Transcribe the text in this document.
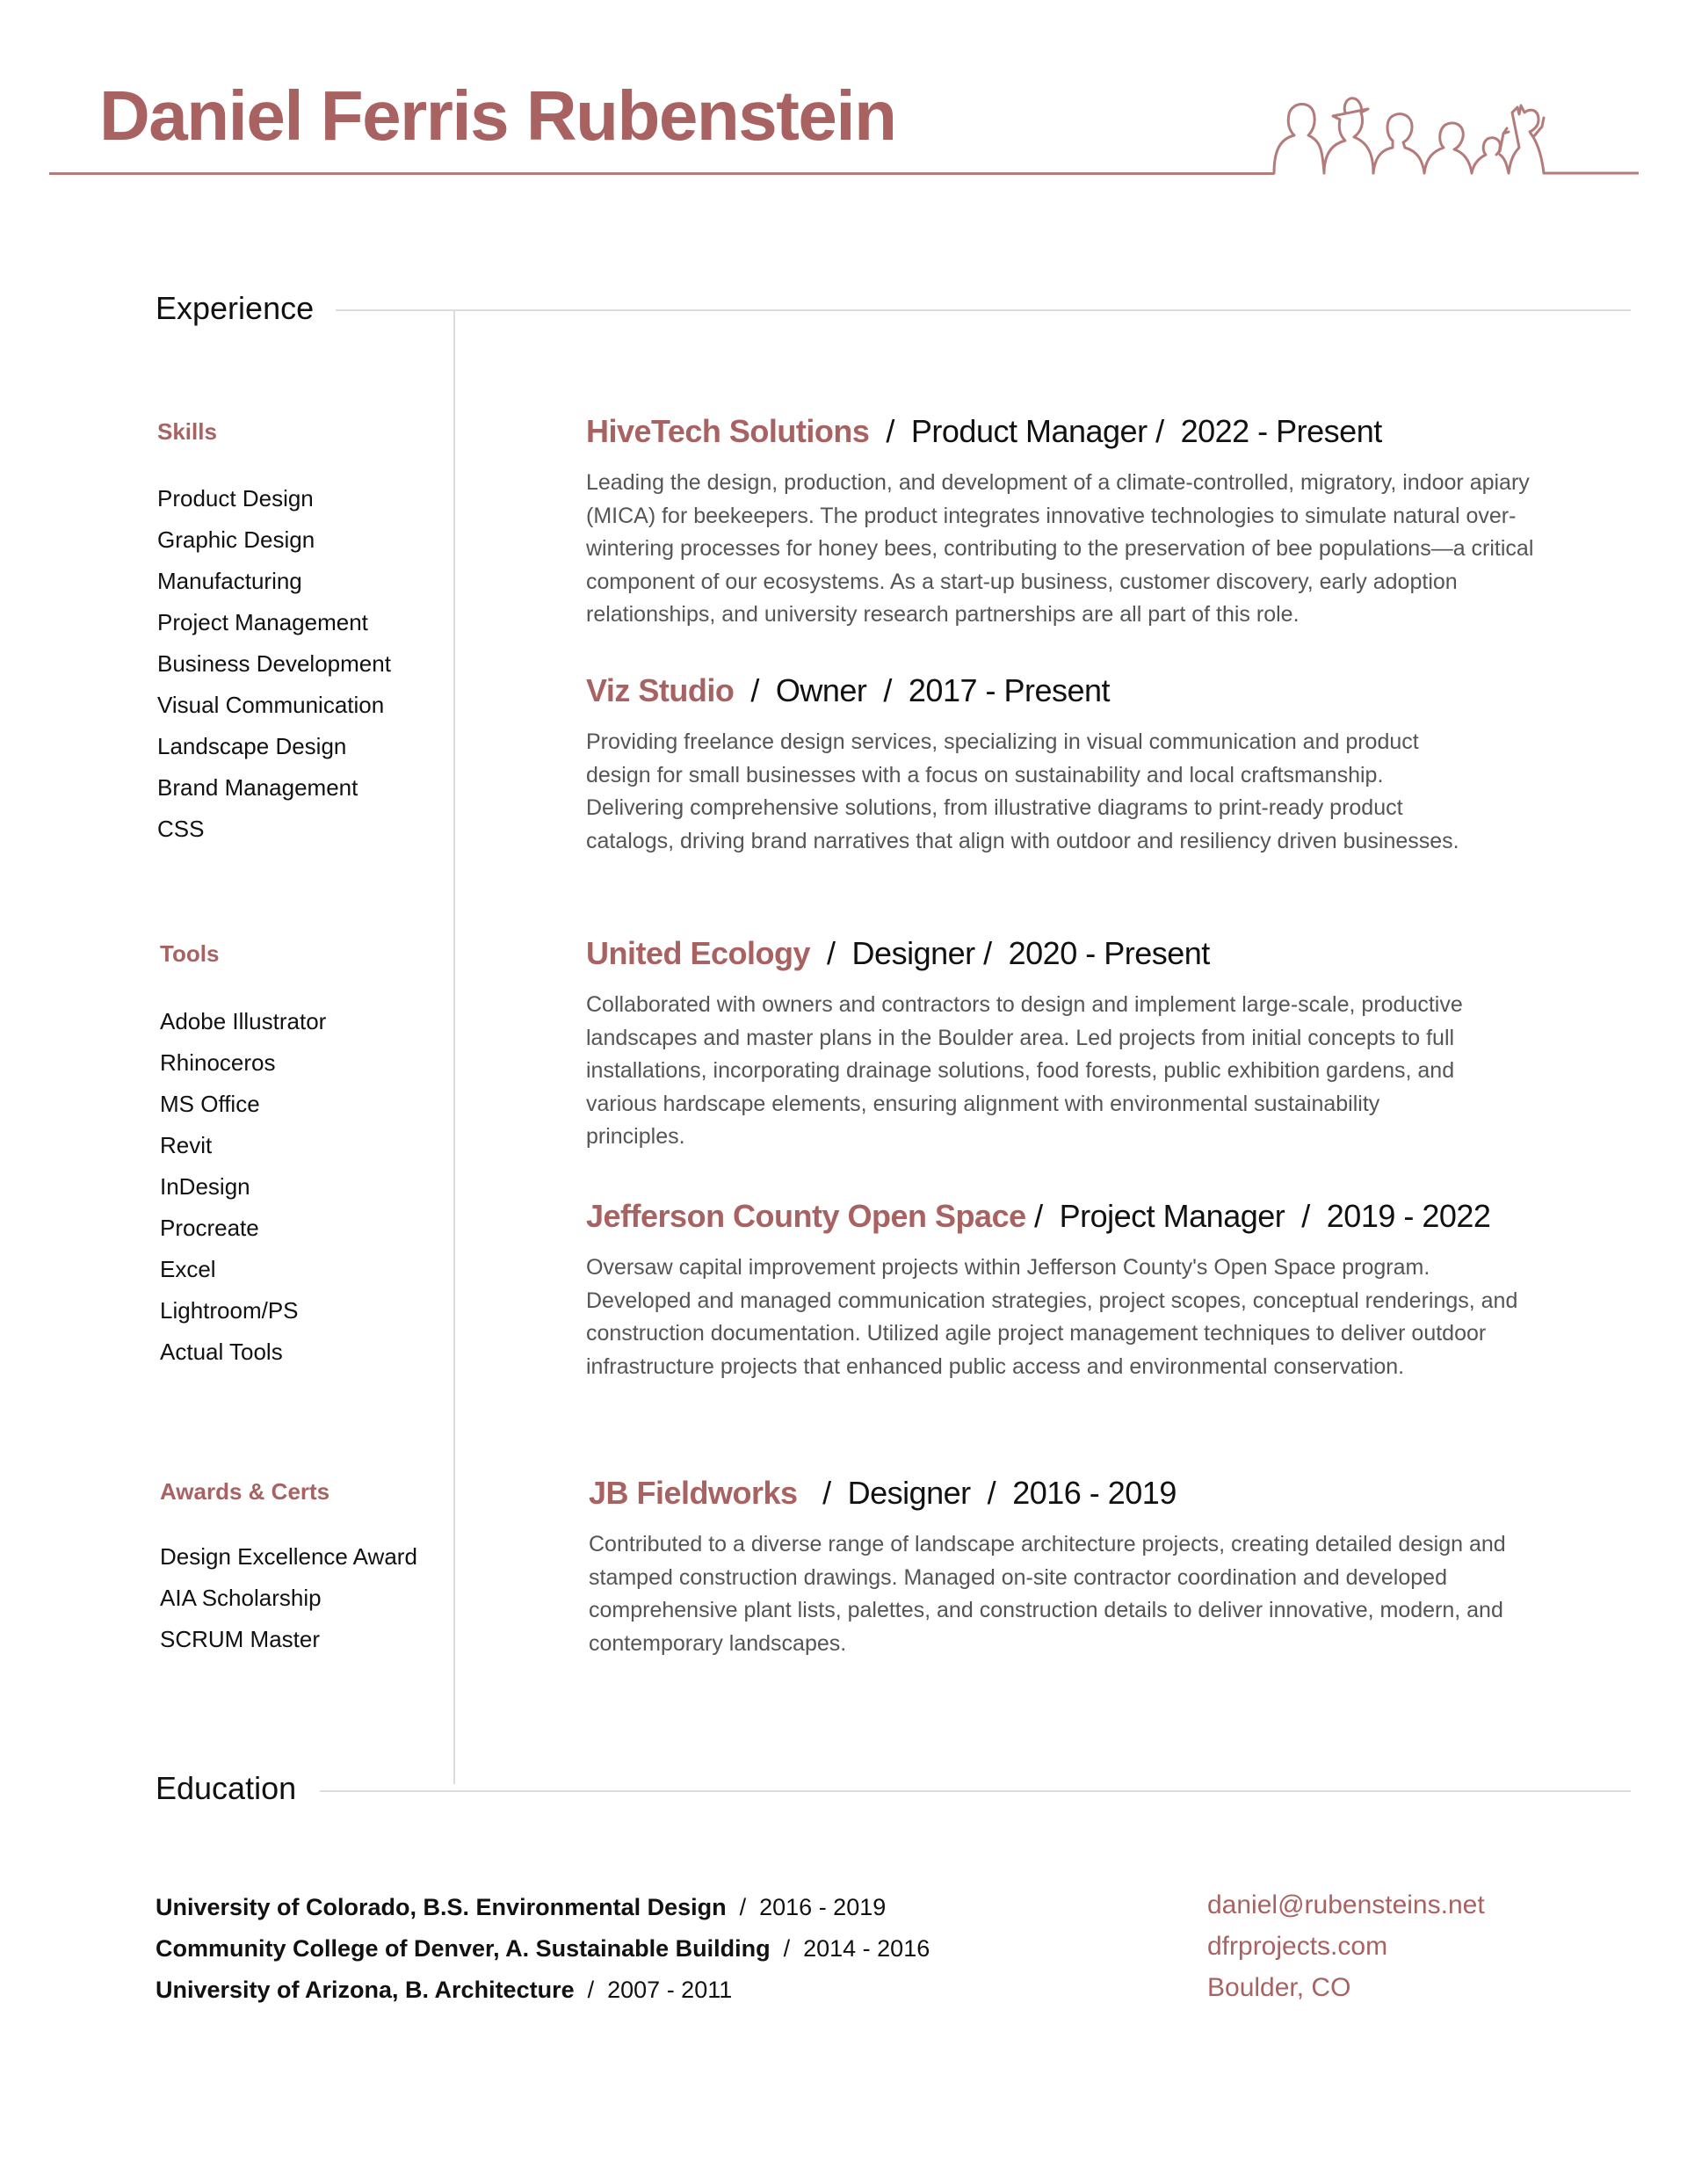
Daniel Ferris Rubenstein
Experience
Skills
Product Design
Graphic Design
Manufacturing
Project Management
Business Development
Visual Communication
Landscape Design
Brand Management
CSS
Tools
Adobe Illustrator
Rhinoceros
MS Office
Revit
InDesign
Procreate
Excel
Lightroom/PS
Actual Tools
Awards & Certs
Design Excellence Award
AIA Scholarship
SCRUM Master
HiveTech Solutions  /  Product Manager /  2022 - Present
Leading the design, production, and development of a climate-controlled, migratory, indoor apiary (MICA) for beekeepers. The product integrates innovative technologies to simulate natural over-wintering processes for honey bees, contributing to the preservation of bee populations—a critical component of our ecosystems. As a start-up business, customer discovery, early adoption relationships, and university research partnerships are all part of this role.
Viz Studio  /  Owner  /  2017 - Present
Providing freelance design services, specializing in visual communication and product design for small businesses with a focus on sustainability and local craftsmanship. Delivering comprehensive solutions, from illustrative diagrams to print-ready product catalogs, driving brand narratives that align with outdoor and resiliency driven businesses.
United Ecology  /  Designer /  2020 - Present
Collaborated with owners and contractors to design and implement large-scale, productive landscapes and master plans in the Boulder area. Led projects from initial concepts to full installations, incorporating drainage solutions, food forests, public exhibition gardens, and various hardscape elements, ensuring alignment with environmental sustainability principles.
Jefferson County Open Space /  Project Manager  /  2019 - 2022
Oversaw capital improvement projects within Jefferson County's Open Space program. Developed and managed communication strategies, project scopes, conceptual renderings, and construction documentation. Utilized agile project management techniques to deliver outdoor infrastructure projects that enhanced public access and environmental conservation.
JB Fieldworks   /  Designer  /  2016 - 2019
Contributed to a diverse range of landscape architecture projects, creating detailed design and stamped construction drawings. Managed on-site contractor coordination and developed comprehensive plant lists, palettes, and construction details to deliver innovative, modern, and contemporary landscapes.
Education
University of Colorado, B.S. Environmental Design  /  2016 - 2019
Community College of Denver, A. Sustainable Building  /  2014 - 2016
University of Arizona, B. Architecture  /  2007 - 2011
daniel@rubensteins.net
dfrprojects.com
Boulder, CO
